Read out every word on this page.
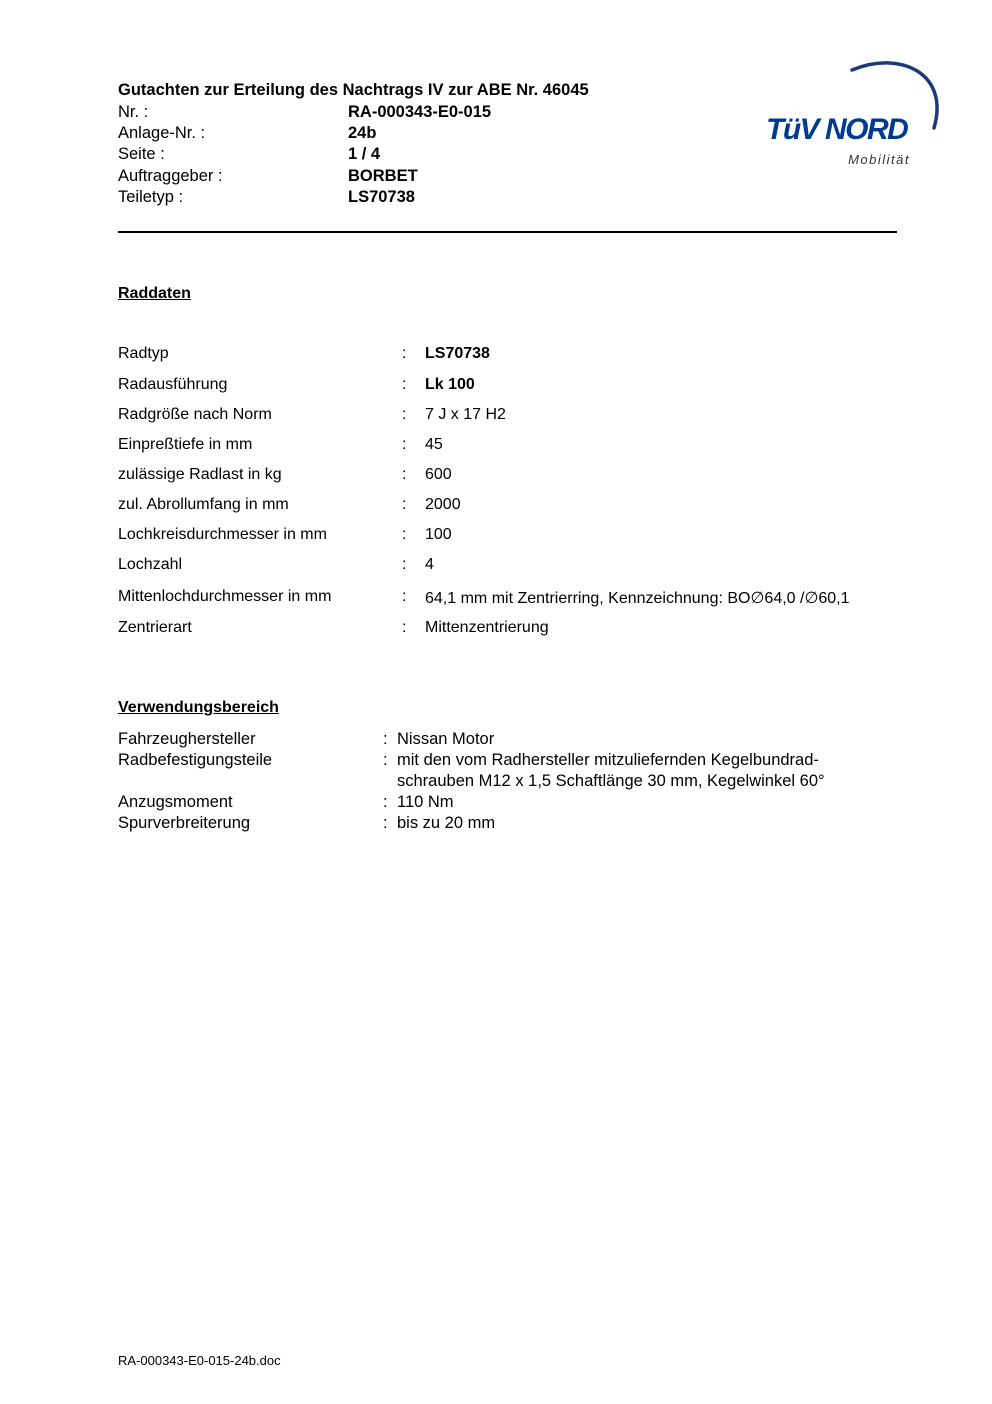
Gutachten zur Erteilung des Nachtrags IV zur ABE Nr. 46045
Nr. :	RA-000343-E0-015
Anlage-Nr. :	24b
Seite :	1 / 4
Auftraggeber :	BORBET
Teiletyp :	LS70738
TüV NORD
Mobilität
Raddaten
Radtyp	: LS70738
Radausführung	: Lk 100
Radgröße nach Norm	: 7 J x 17 H2
Einpreßtiefe in mm	: 45
zulässige Radlast in kg	: 600
zul. Abrollumfang in mm	: 2000
Lochkreisdurchmesser in mm	: 100
Lochzahl	: 4
Mittenlochdurchmesser in mm	: 64,1 mm mit Zentrierring, Kennzeichnung: BO∅64,0 /∅60,1
Zentrierart	: Mittenzentrierung
Verwendungsbereich
Fahrzeughersteller	: Nissan Motor
Radbefestigungsteile	: mit den vom Radhersteller mitzuliefernden Kegelbundrad-
schrauben M12 x 1,5 Schaftlänge 30 mm, Kegelwinkel 60°
Anzugsmoment	: 110 Nm
Spurverbreiterung	: bis zu 20 mm
RA-000343-E0-015-24b.doc
